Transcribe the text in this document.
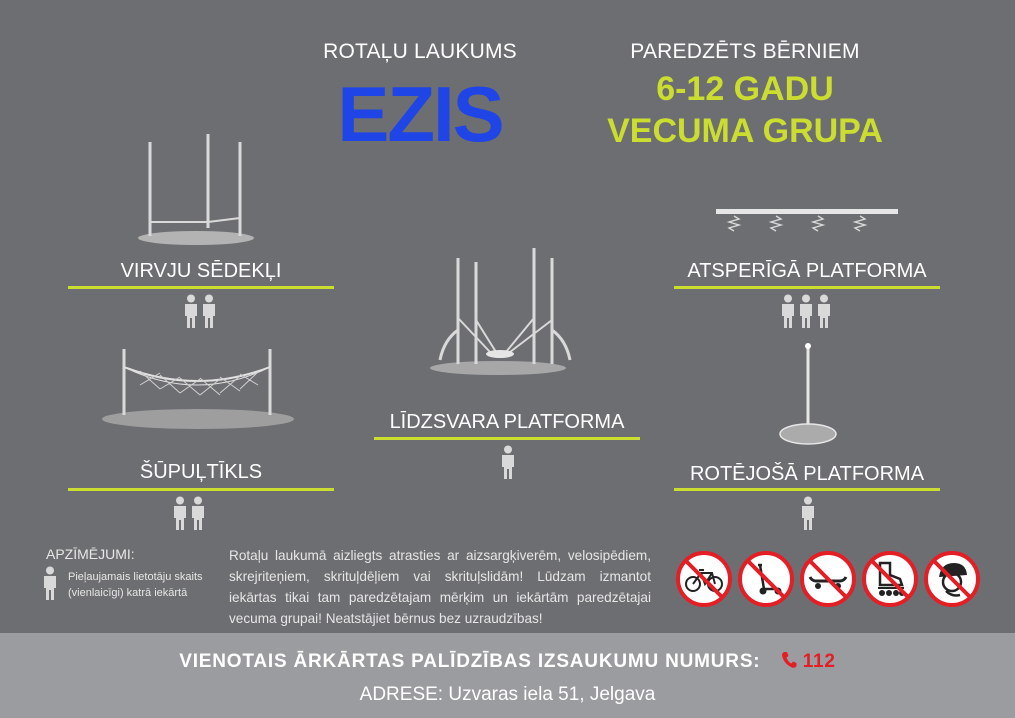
ROTAĻU LAUKUMS
EZIS
PAREDZĒTS BĒRNIEM
6-12 GADU
VECUMA GRUPA
VIRVJU SĒDEKĻI
ŠŪPUĻTĪKLS
LĪDZSVARA PLATFORMA
ATSPERĪGĀ PLATFORMA
ROTĒJOŠĀ PLATFORMA
APZĪMĒJUMI:
Pieļaujamais lietotāju skaits
(vienlaicīgi) katrā iekārtā
Rotaļu laukumā aizliegts atrasties ar aizsargķiverēm, velosipēdiem, skrejriteņiem, skrituļdēļiem vai skrituļslidām! Lūdzam izmantot iekārtas tikai tam paredzētajam mērķim un iekārtām paredzētajai vecuma grupai! Neatstājiet bērnus bez uzraudzības!
VIENOTAIS ĀRKĀRTAS PALĪDZĪBAS IZSAUKUMU NUMURS: 112
ADRESE: Uzvaras iela 51, Jelgava
